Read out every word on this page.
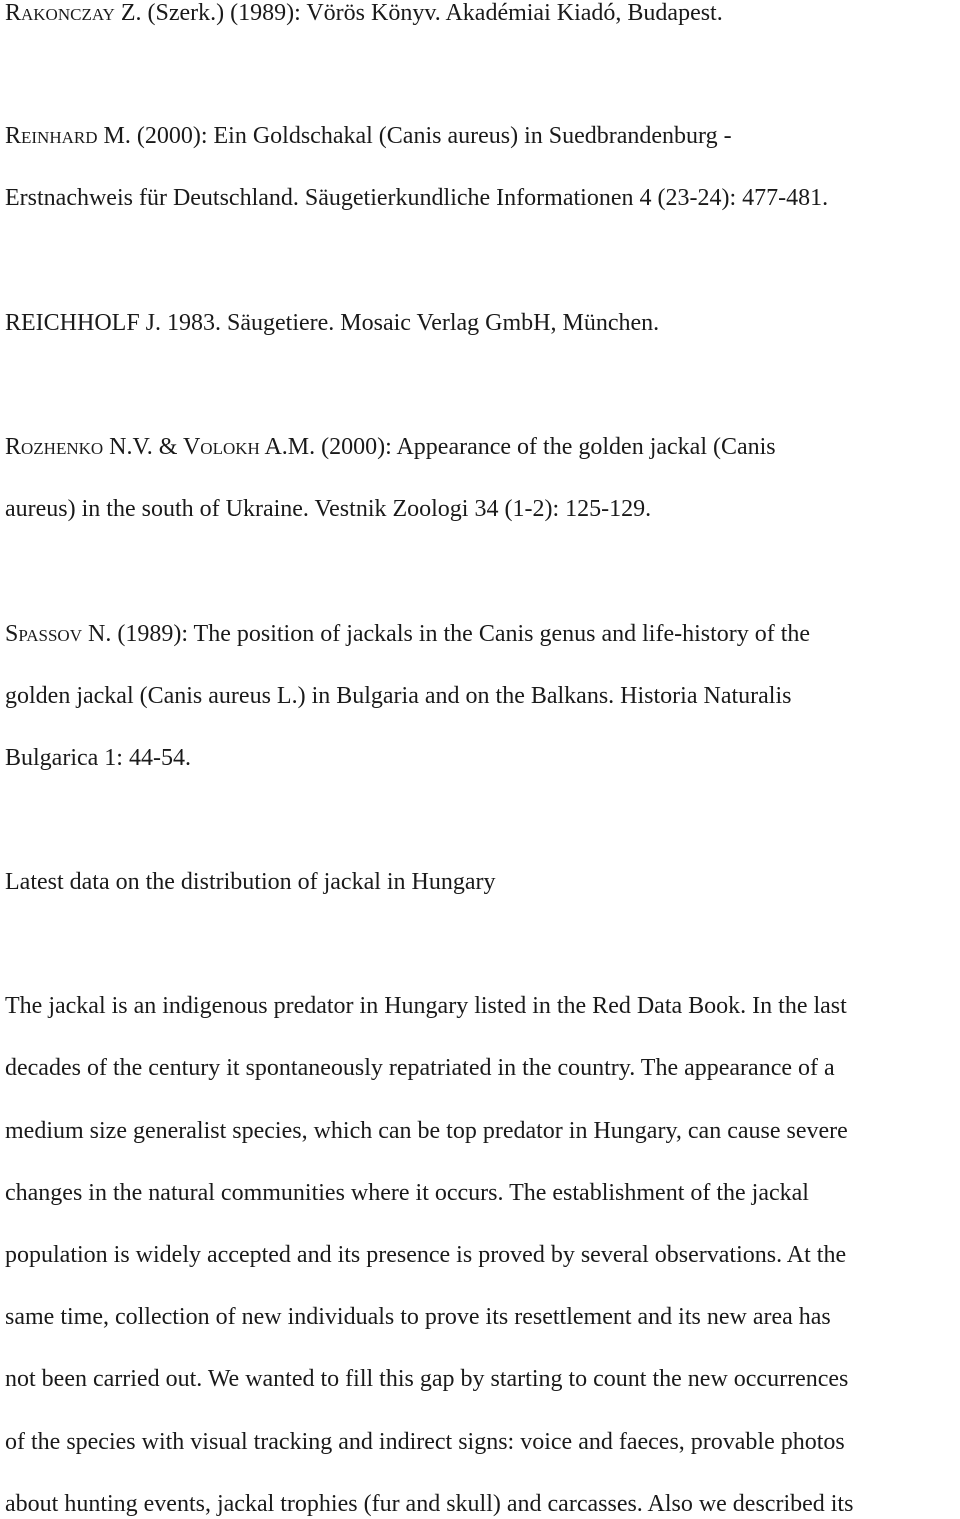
Rakonczay Z. (Szerk.) (1989): Vörös Könyv. Akadémiai Kiadó, Budapest.
Reinhard M. (2000): Ein Goldschakal (Canis aureus) in Suedbrandenburg -
Erstnachweis für Deutschland. Säugetierkundliche Informationen 4 (23-24): 477-481.
REICHHOLF J. 1983. Säugetiere. Mosaic Verlag GmbH, München.
Rozhenko N.V. & Volokh A.M. (2000): Appearance of the golden jackal (Canis
aureus) in the south of Ukraine. Vestnik Zoologi 34 (1-2): 125-129.
Spassov N. (1989): The position of jackals in the Canis genus and life-history of the
golden jackal (Canis aureus L.) in Bulgaria and on the Balkans. Historia Naturalis
Bulgarica 1: 44-54.
Latest data on the distribution of jackal in Hungary
The jackal is an indigenous predator in Hungary listed in the Red Data Book. In the last
decades of the century it spontaneously repatriated in the country. The appearance of a
medium size generalist species, which can be top predator in Hungary, can cause severe
changes in the natural communities where it occurs. The establishment of the jackal
population is widely accepted and its presence is proved by several observations. At the
same time, collection of new individuals to prove its resettlement and its new area has
not been carried out. We wanted to fill this gap by starting to count the new occurrences
of the species with visual tracking and indirect signs: voice and faeces, provable photos
about hunting events, jackal trophies (fur and skull) and carcasses. Also we described its
